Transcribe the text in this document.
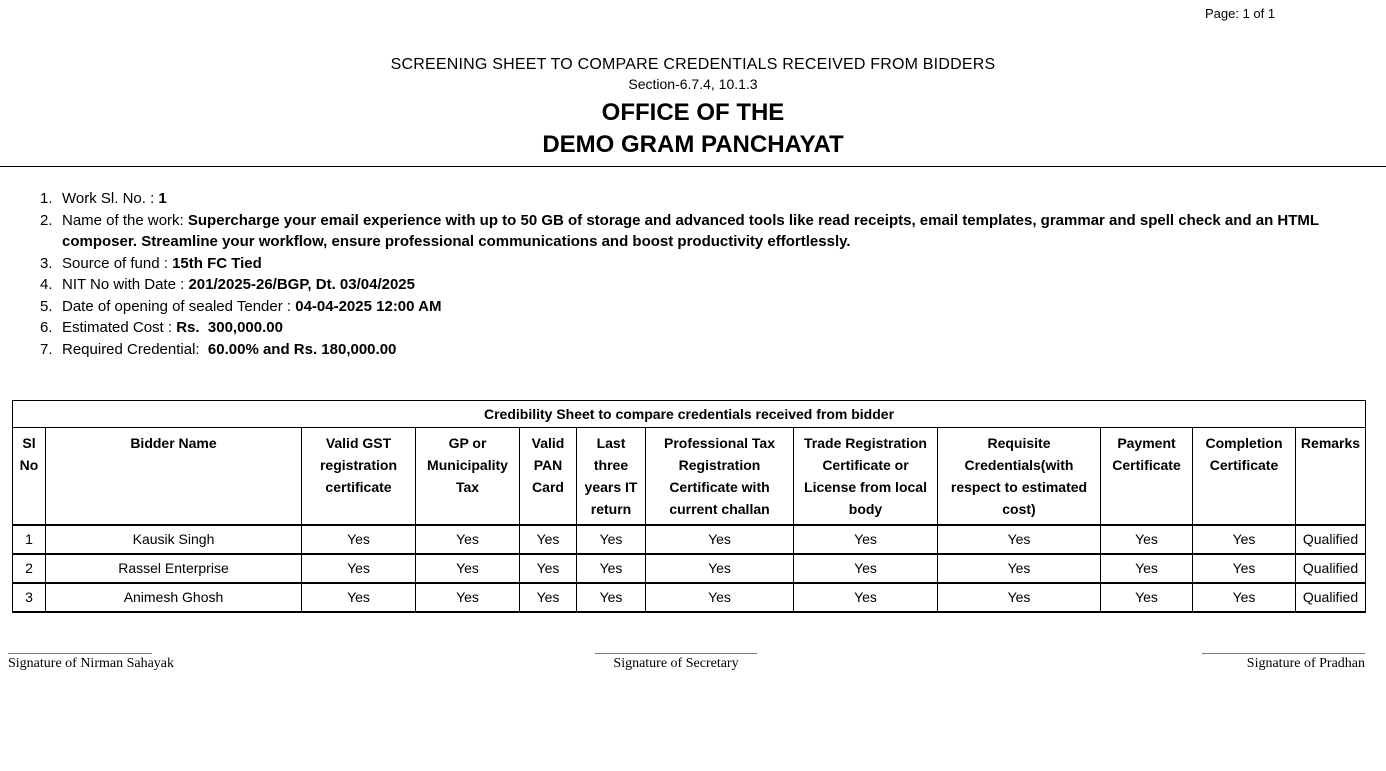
Page: 1 of 1
SCREENING SHEET TO COMPARE CREDENTIALS RECEIVED FROM BIDDERS
Section-6.7.4, 10.1.3
OFFICE OF THE
DEMO GRAM PANCHAYAT
1. Work Sl. No. : 1
2. Name of the work: Supercharge your email experience with up to 50 GB of storage and advanced tools like read receipts, email templates, grammar and spell check and an HTML composer. Streamline your workflow, ensure professional communications and boost productivity effortlessly.
3. Source of fund : 15th FC Tied
4. NIT No with Date : 201/2025-26/BGP, Dt. 03/04/2025
5. Date of opening of sealed Tender : 04-04-2025 12:00 AM
6. Estimated Cost : Rs.  300,000.00
7. Required Credential:  60.00% and Rs. 180,000.00
Credibility Sheet to compare credentials received from bidder											
Sl No	Bidder Name	Valid GST registration certificate	GP or Municipality Tax	Valid PAN Card	Last three years IT return	Professional Tax Registration Certificate with current challan	Trade Registration Certificate or License from local body	Requisite Credentials(with respect to estimated cost)	Payment Certificate	Completion Certificate	Remarks
1	Kausik Singh	Yes	Yes	Yes	Yes	Yes	Yes	Yes	Yes	Yes	Qualified
2	Rassel Enterprise	Yes	Yes	Yes	Yes	Yes	Yes	Yes	Yes	Yes	Qualified
3	Animesh Ghosh	Yes	Yes	Yes	Yes	Yes	Yes	Yes	Yes	Yes	Qualified
Signature of Nirman Sahayak	Signature of Secretary	Signature of Pradhan
